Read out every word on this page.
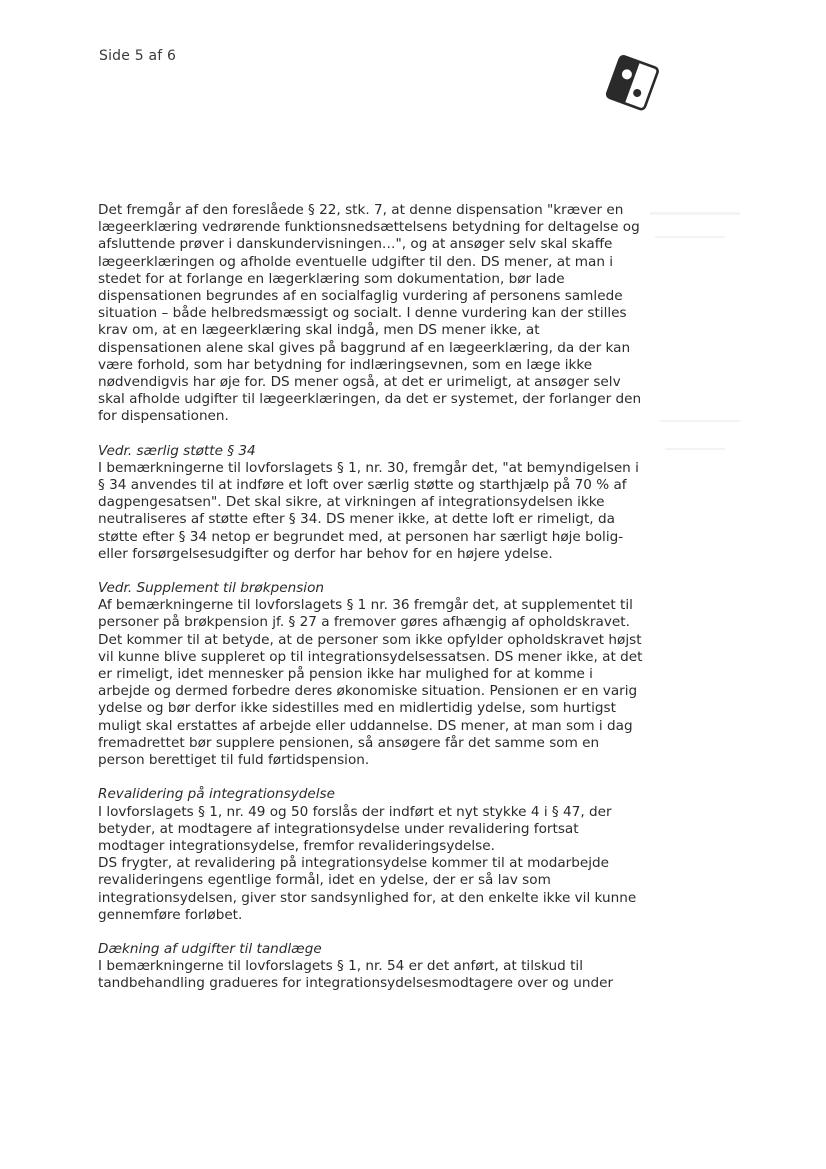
Side 5 af 6

Det fremgår af den foreslåede § 22, stk. 7, at denne dispensation "kræver en lægeerklæring vedrørende funktionsnedsættelsens betydning for deltagelse og afsluttende prøver i danskundervisningen…", og at ansøger selv skal skaffe lægeerklæringen og afholde eventuelle udgifter til den. DS mener, at man i stedet for at forlange en lægerklæring som dokumentation, bør lade dispensationen begrundes af en socialfaglig vurdering af personens samlede situation – både helbredsmæssigt og socialt. I denne vurdering kan der stilles krav om, at en lægeerklæring skal indgå, men DS mener ikke, at dispensationen alene skal gives på baggrund af en lægeerklæring, da der kan være forhold, som har betydning for indlæringsevnen, som en læge ikke nødvendigvis har øje for. DS mener også, at det er urimeligt, at ansøger selv skal afholde udgifter til lægeerklæringen, da det er systemet, der forlanger den for dispensationen.

Vedr. særlig støtte § 34

I bemærkningerne til lovforslagets § 1, nr. 30, fremgår det, "at bemyndigelsen i § 34 anvendes til at indføre et loft over særlig støtte og starthjælp på 70 % af dagpengesatsen". Det skal sikre, at virkningen af integrationsydelsen ikke neutraliseres af støtte efter § 34. DS mener ikke, at dette loft er rimeligt, da støtte efter § 34 netop er begrundet med, at personen har særligt høje bolig- eller forsørgelsesudgifter og derfor har behov for en højere ydelse.

Vedr. Supplement til brøkpension

Af bemærkningerne til lovforslagets § 1 nr. 36 fremgår det, at supplementet til personer på brøkpension jf. § 27 a fremover gøres afhængig af opholdskravet. Det kommer til at betyde, at de personer som ikke opfylder opholdskravet højst vil kunne blive suppleret op til integrationsydelsessatsen. DS mener ikke, at det er rimeligt, idet mennesker på pension ikke har mulighed for at komme i arbejde og dermed forbedre deres økonomiske situation. Pensionen er en varig ydelse og bør derfor ikke sidestilles med en midlertidig ydelse, som hurtigst muligt skal erstattes af arbejde eller uddannelse. DS mener, at man som i dag fremadrettet bør supplere pensionen, så ansøgere får det samme som en person berettiget til fuld førtidspension.

Revalidering på integrationsydelse

I lovforslagets § 1, nr. 49 og 50 forslås der indført et nyt stykke 4 i § 47, der betyder, at modtagere af integrationsydelse under revalidering fortsat modtager integrationsydelse, fremfor revalideringsydelse.

DS frygter, at revalidering på integrationsydelse kommer til at modarbejde revalideringens egentlige formål, idet en ydelse, der er så lav som integrationsydelsen, giver stor sandsynlighed for, at den enkelte ikke vil kunne gennemføre forløbet.

Dækning af udgifter til tandlæge

I bemærkningerne til lovforslagets § 1, nr. 54 er det anført, at tilskud til tandbehandling gradueres for integrationsydelsesmodtagere over og under
